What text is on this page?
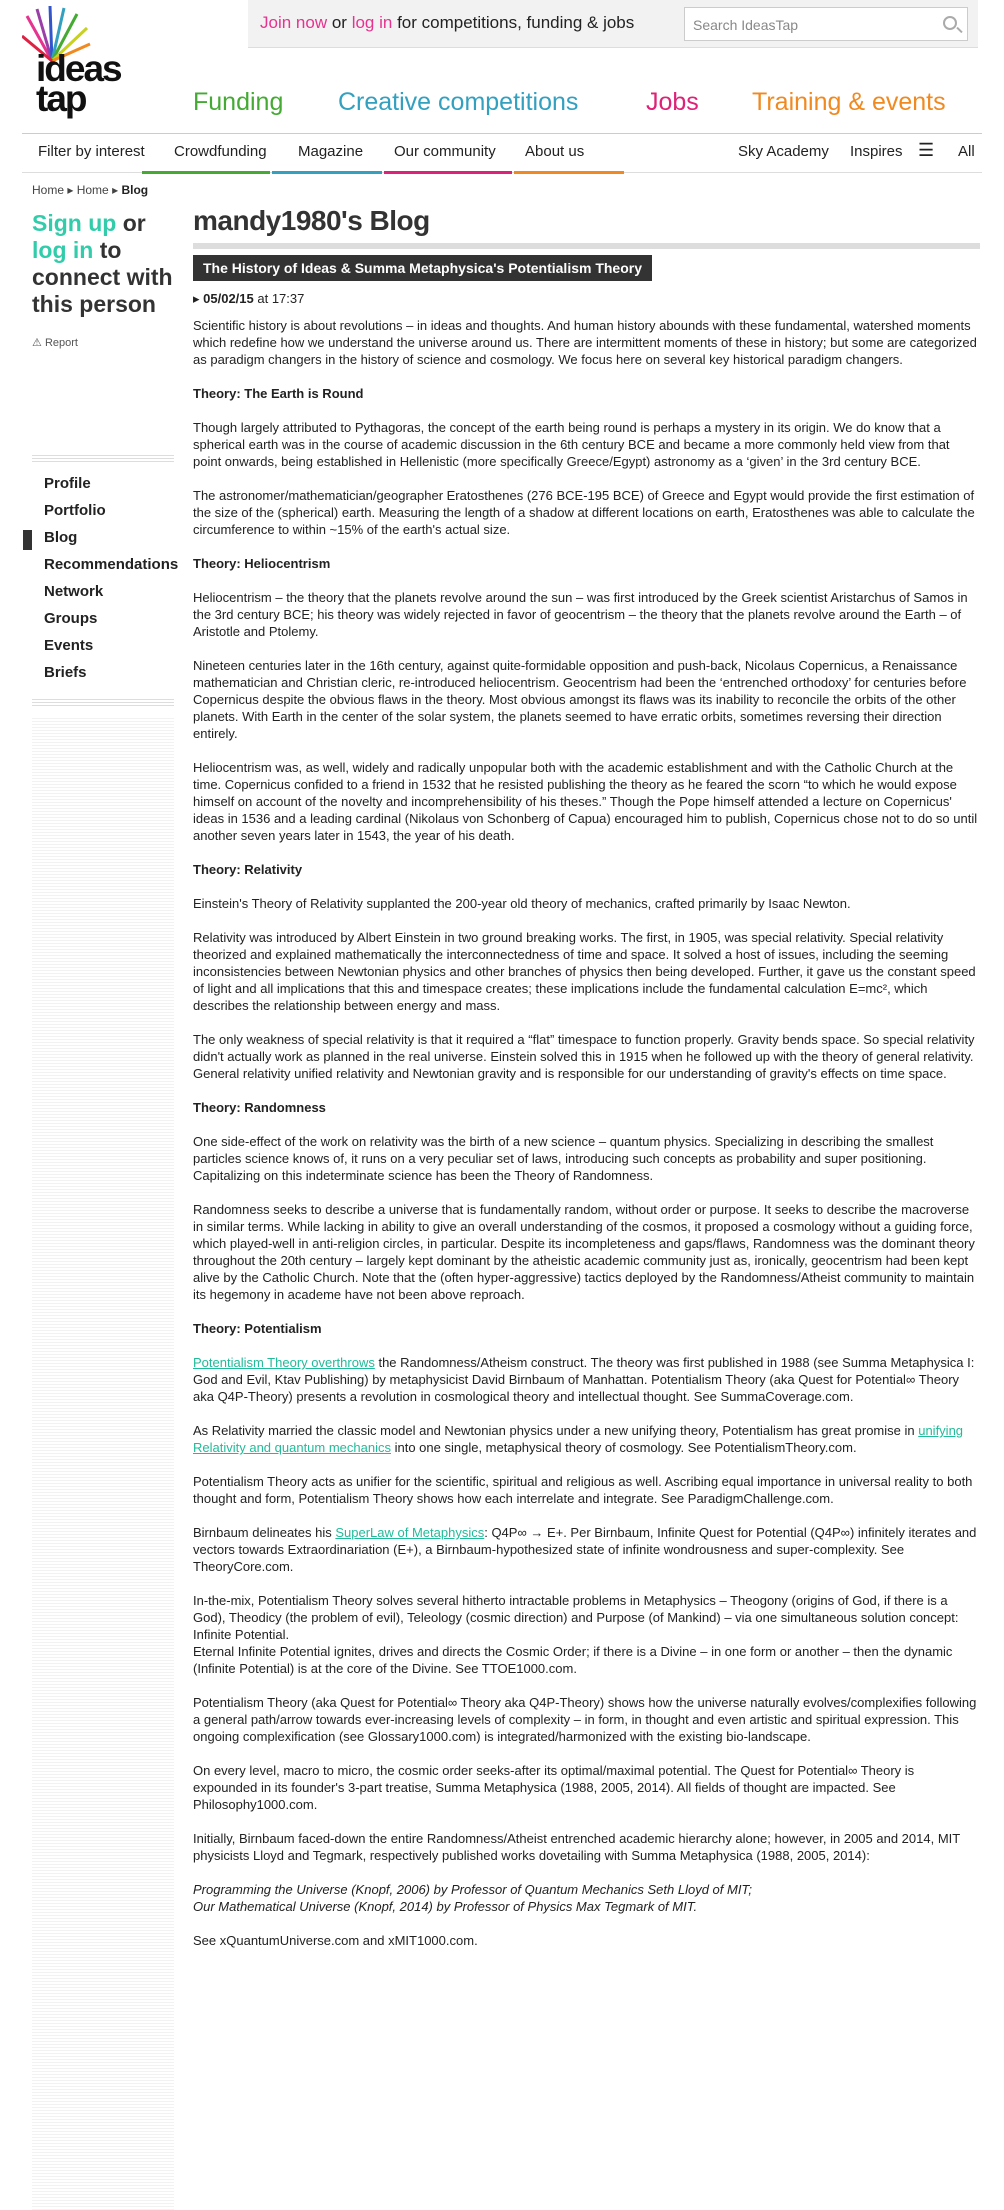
ideas
tap
Join now or log in for competitions, funding & jobs	Search IdeasTap
Funding Creative competitions	Jobs Training & events
Filter by interest Crowdfunding Magazine Our community About us	Sky Academy Inspires ☰ All
Home ▸ Home ▸ Blog
Sign up or log in to connect with this person
⚠ Report
Profile
Portfolio
Blog
Recommendations
Network
Groups
Events
Briefs
mandy1980's Blog
The History of Ideas & Summa Metaphysica's Potentialism Theory
▸ 05/02/15 at 17:37

Scientific history is about revolutions – in ideas and thoughts. And human history abounds with these fundamental, watershed moments which redefine how we understand the universe around us. There are intermittent moments of these in history; but some are categorized as paradigm changers in the history of science and cosmology. We focus here on several key historical paradigm changers.

Theory: The Earth is Round

Though largely attributed to Pythagoras, the concept of the earth being round is perhaps a mystery in its origin. We do know that a spherical earth was in the course of academic discussion in the 6th century BCE and became a more commonly held view from that point onwards, being established in Hellenistic (more specifically Greece/Egypt) astronomy as a ‘given’ in the 3rd century BCE.

The astronomer/mathematician/geographer Eratosthenes (276 BCE-195 BCE) of Greece and Egypt would provide the first estimation of the size of the (spherical) earth. Measuring the length of a shadow at different locations on earth, Eratosthenes was able to calculate the circumference to within ~15% of the earth's actual size.

Theory: Heliocentrism

Heliocentrism – the theory that the planets revolve around the sun – was first introduced by the Greek scientist Aristarchus of Samos in the 3rd century BCE; his theory was widely rejected in favor of geocentrism – the theory that the planets revolve around the Earth – of Aristotle and Ptolemy.

Nineteen centuries later in the 16th century, against quite-formidable opposition and push-back, Nicolaus Copernicus, a Renaissance mathematician and Christian cleric, re-introduced heliocentrism. Geocentrism had been the ‘entrenched orthodoxy’ for centuries before Copernicus despite the obvious flaws in the theory. Most obvious amongst its flaws was its inability to reconcile the orbits of the other planets. With Earth in the center of the solar system, the planets seemed to have erratic orbits, sometimes reversing their direction entirely.

Heliocentrism was, as well, widely and radically unpopular both with the academic establishment and with the Catholic Church at the time. Copernicus confided to a friend in 1532 that he resisted publishing the theory as he feared the scorn “to which he would expose himself on account of the novelty and incomprehensibility of his theses.” Though the Pope himself attended a lecture on Copernicus' ideas in 1536 and a leading cardinal (Nikolaus von Schonberg of Capua) encouraged him to publish, Copernicus chose not to do so until another seven years later in 1543, the year of his death.

Theory: Relativity

Einstein's Theory of Relativity supplanted the 200-year old theory of mechanics, crafted primarily by Isaac Newton.

Relativity was introduced by Albert Einstein in two ground breaking works. The first, in 1905, was special relativity. Special relativity theorized and explained mathematically the interconnectedness of time and space. It solved a host of issues, including the seeming inconsistencies between Newtonian physics and other branches of physics then being developed. Further, it gave us the constant speed of light and all implications that this and timespace creates; these implications include the fundamental calculation E=mc², which describes the relationship between energy and mass.

The only weakness of special relativity is that it required a “flat” timespace to function properly. Gravity bends space. So special relativity didn't actually work as planned in the real universe. Einstein solved this in 1915 when he followed up with the theory of general relativity. General relativity unified relativity and Newtonian gravity and is responsible for our understanding of gravity's effects on time space.

Theory: Randomness

One side-effect of the work on relativity was the birth of a new science – quantum physics. Specializing in describing the smallest particles science knows of, it runs on a very peculiar set of laws, introducing such concepts as probability and super positioning. Capitalizing on this indeterminate science has been the Theory of Randomness.

Randomness seeks to describe a universe that is fundamentally random, without order or purpose. It seeks to describe the macroverse in similar terms. While lacking in ability to give an overall understanding of the cosmos, it proposed a cosmology without a guiding force, which played-well in anti-religion circles, in particular. Despite its incompleteness and gaps/flaws, Randomness was the dominant theory throughout the 20th century – largely kept dominant by the atheistic academic community just as, ironically, geocentrism had been kept alive by the Catholic Church. Note that the (often hyper-aggressive) tactics deployed by the Randomness/Atheist community to maintain its hegemony in academe have not been above reproach.

Theory: Potentialism

Potentialism Theory overthrows the Randomness/Atheism construct. The theory was first published in 1988 (see Summa Metaphysica I: God and Evil, Ktav Publishing) by metaphysicist David Birnbaum of Manhattan. Potentialism Theory (aka Quest for Potential∞ Theory aka Q4P-Theory) presents a revolution in cosmological theory and intellectual thought. See SummaCoverage.com.

As Relativity married the classic model and Newtonian physics under a new unifying theory, Potentialism has great promise in unifying Relativity and quantum mechanics into one single, metaphysical theory of cosmology. See PotentialismTheory.com.

Potentialism Theory acts as unifier for the scientific, spiritual and religious as well. Ascribing equal importance in universal reality to both thought and form, Potentialism Theory shows how each interrelate and integrate. See ParadigmChallenge.com.

Birnbaum delineates his SuperLaw of Metaphysics: Q4P∞ → E+. Per Birnbaum, Infinite Quest for Potential (Q4P∞) infinitely iterates and vectors towards Extraordinariation (E+), a Birnbaum-hypothesized state of infinite wondrousness and super-complexity. See TheoryCore.com.

In-the-mix, Potentialism Theory solves several hitherto intractable problems in Metaphysics – Theogony (origins of God, if there is a God), Theodicy (the problem of evil), Teleology (cosmic direction) and Purpose (of Mankind) – via one simultaneous solution concept: Infinite Potential.
Eternal Infinite Potential ignites, drives and directs the Cosmic Order; if there is a Divine – in one form or another – then the dynamic (Infinite Potential) is at the core of the Divine. See TTOE1000.com.

Potentialism Theory (aka Quest for Potential∞ Theory aka Q4P-Theory) shows how the universe naturally evolves/complexifies following a general path/arrow towards ever-increasing levels of complexity – in form, in thought and even artistic and spiritual expression. This ongoing complexification (see Glossary1000.com) is integrated/harmonized with the existing bio-landscape.

On every level, macro to micro, the cosmic order seeks-after its optimal/maximal potential. The Quest for Potential∞ Theory is expounded in its founder's 3-part treatise, Summa Metaphysica (1988, 2005, 2014). All fields of thought are impacted. See Philosophy1000.com.

Initially, Birnbaum faced-down the entire Randomness/Atheist entrenched academic hierarchy alone; however, in 2005 and 2014, MIT physicists Lloyd and Tegmark, respectively published works dovetailing with Summa Metaphysica (1988, 2005, 2014):

Programming the Universe (Knopf, 2006) by Professor of Quantum Mechanics Seth Lloyd of MIT;
Our Mathematical Universe (Knopf, 2014) by Professor of Physics Max Tegmark of MIT.

See xQuantumUniverse.com and xMIT1000.com.
